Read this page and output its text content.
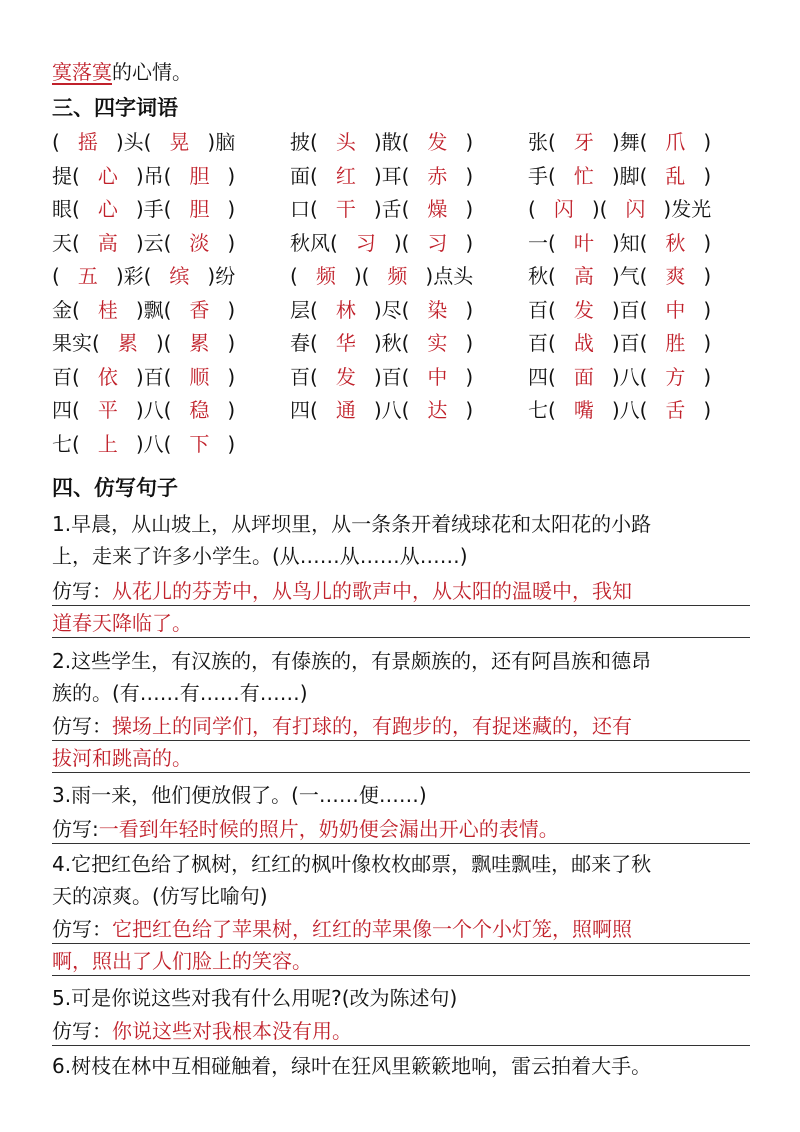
寞落寞的心情。
三、四字词语
( 摇 )头( 晃 )脑	披( 头 )散( 发 )	张( 牙 )舞( 爪 )
提( 心 )吊( 胆 )	面( 红 )耳( 赤 )	手( 忙 )脚( 乱 )
眼( 心 )手( 胆 )	口( 干 )舌( 燥 )	( 闪 )( 闪 )发光
天( 高 )云( 淡 )	秋风( 习 )( 习 )	一( 叶 )知( 秋 )
( 五 )彩( 缤 )纷	( 频 )( 频 )点头	秋( 高 )气( 爽 )
金( 桂 )飘( 香 )	层( 林 )尽( 染 )	百( 发 )百( 中 )
果实( 累 )( 累 )	春( 华 )秋( 实 )	百( 战 )百( 胜 )
百( 依 )百( 顺 )	百( 发 )百( 中 )	四( 面 )八( 方 )
四( 平 )八( 稳 )	四( 通 )八( 达 )	七( 嘴 )八( 舌 )
七( 上 )八( 下 )
四、仿写句子
1.早晨，从山坡上，从坪坝里，从一条条开着绒球花和太阳花的小路
上，走来了许多小学生。(从……从……从……)
仿写：从花儿的芬芳中，从鸟儿的歌声中，从太阳的温暖中，我知
道春天降临了。
2.这些学生，有汉族的，有傣族的，有景颇族的，还有阿昌族和德昂
族的。(有……有……有……)
仿写：操场上的同学们，有打球的，有跑步的，有捉迷藏的，还有
拔河和跳高的。
3.雨一来，他们便放假了。(一……便……)
仿写:一看到年轻时候的照片，奶奶便会漏出开心的表情。
4.它把红色给了枫树，红红的枫叶像枚枚邮票，飘哇飘哇，邮来了秋
天的凉爽。(仿写比喻句)
仿写：它把红色给了苹果树，红红的苹果像一个个小灯笼，照啊照
啊，照出了人们脸上的笑容。
5.可是你说这些对我有什么用呢?(改为陈述句)
仿写：你说这些对我根本没有用。
6.树枝在林中互相碰触着，绿叶在狂风里簌簌地响，雷云拍着大手。
